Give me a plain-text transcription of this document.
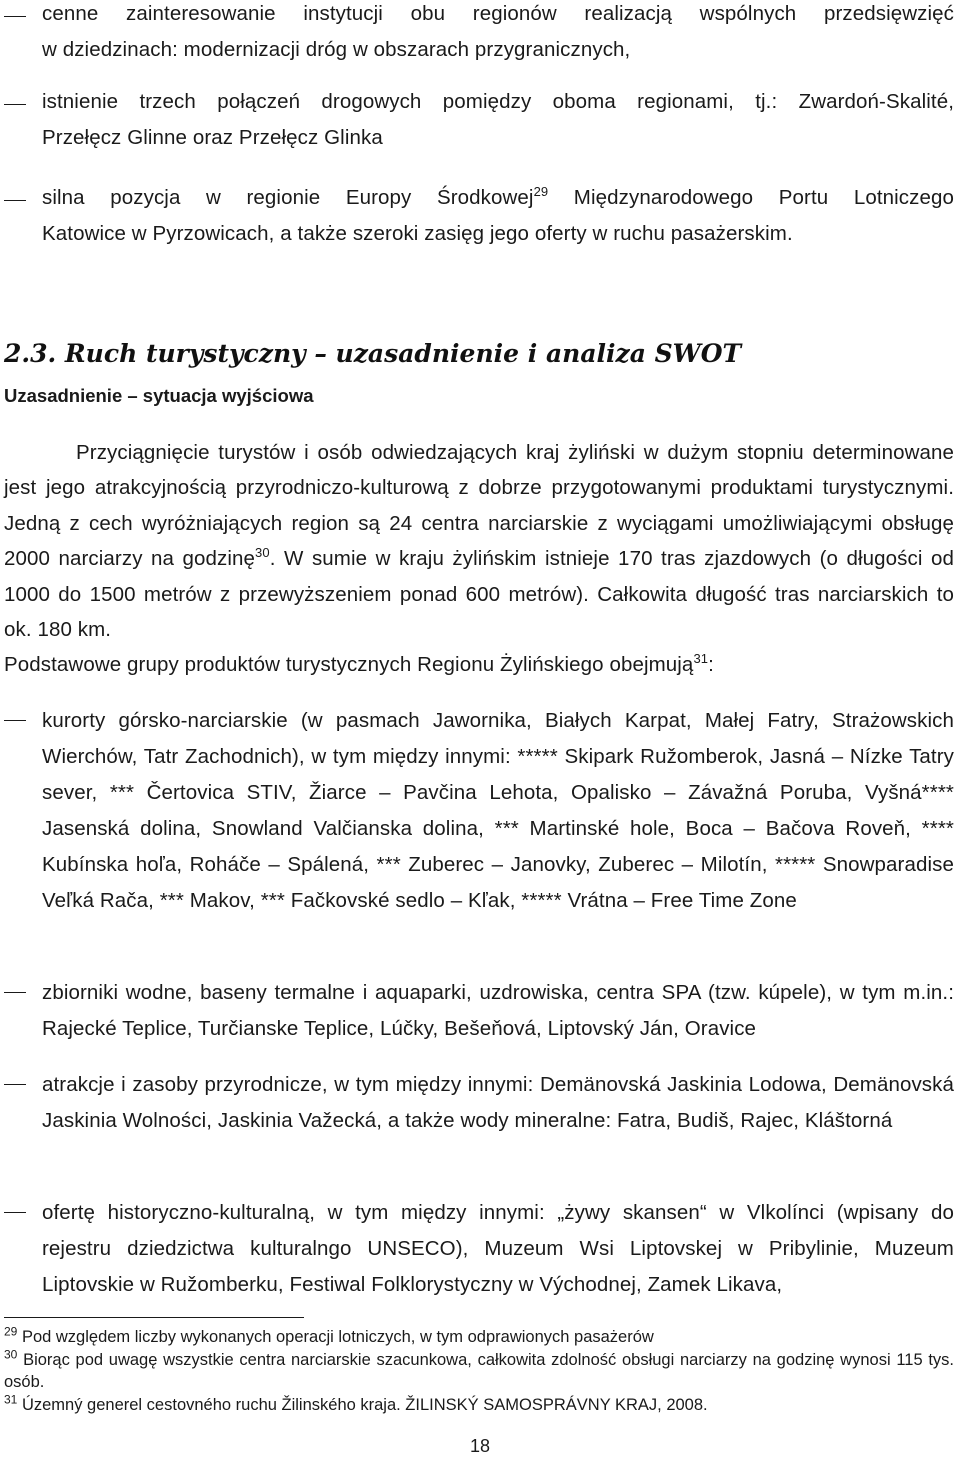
cenne zainteresowanie instytucji obu regionów realizacją wspólnych przedsięwzięć
w dziedzinach: modernizacji dróg w obszarach przygranicznych,
istnienie trzech połączeń drogowych pomiędzy oboma regionami, tj.: Zwardoń-Skalité,
Przełęcz Glinne oraz Przełęcz Glinka
silna pozycja w regionie Europy Środkowej$^{29}$ Międzynarodowego Portu Lotniczego
Katowice w Pyrzowicach, a także szeroki zasięg jego oferty w ruchu pasażerskim.
2.3. Ruch turystyczny – uzasadnienie i analiza SWOT
Uzasadnienie – sytuacja wyjściowa
Przyciągnięcie turystów i osób odwiedzających kraj żyliński w dużym stopniu determinowane jest jego atrakcyjnością przyrodniczo-kulturową z dobrze przygotowanymi produktami turystycznymi. Jedną z cech wyróżniających region są 24 centra narciarskie z wyciągami umożliwiającymi obsługę 2000 narciarzy na godzinę$^{30}$. W sumie w kraju żylińskim istnieje 170 tras zjazdowych (o długości od 1000 do 1500 metrów z przewyższeniem ponad 600 metrów). Całkowita długość tras narciarskich to ok. 180 km.
Podstawowe grupy produktów turystycznych Regionu Żylińskiego obejmują$^{31}$:
kurorty górsko-narciarskie (w pasmach Jawornika, Białych Karpat, Małej Fatry, Strażowskich Wierchów, Tatr Zachodnich), w tym między innymi: ***** Skipark Ružomberok, Jasná – Nízke Tatry sever, *** Čertovica STIV, Žiarce – Pavčina Lehota, Opalisko – Závažná Poruba, Vyšná**** Jasenská dolina, Snowland Valčianska dolina, *** Martinské hole, Boca – Bačova Roveň, **** Kubínska hoľa, Roháče – Spálená, *** Zuberec – Janovky, Zuberec – Milotín, ***** Snowparadise Veľká Rača, *** Makov, *** Fačkovské sedlo – Kľak, ***** Vrátna – Free Time Zone
zbiorniki wodne, baseny termalne i aquaparki, uzdrowiska, centra SPA (tzw. kúpele), w tym m.in.: Rajecké Teplice, Turčianske Teplice, Lúčky, Bešeňová, Liptovský Ján, Oravice
atrakcje i zasoby przyrodnicze, w tym między innymi: Demänovská Jaskinia Lodowa, Demänovská Jaskinia Wolności, Jaskinia Važecká, a także wody mineralne: Fatra, Budiš, Rajec, Kláštorná
ofertę historyczno-kulturalną, w tym między innymi: „żywy skansen“ w Vlkolínci (wpisany do rejestru dziedzictwa kulturalngo UNSECO), Muzeum Wsi Liptovskej w Pribylinie, Muzeum Liptovskie w Ružomberku, Festiwal Folklorystyczny w Východnej, Zamek Likava,
$^{29}$ Pod względem liczby wykonanych operacji lotniczych, w tym odprawionych pasażerów
$^{30}$ Biorąc pod uwagę wszystkie centra narciarskie szacunkowa, całkowita zdolność obsługi narciarzy na godzinę wynosi 115 tys. osób.
$^{31}$ Územný generel cestovného ruchu Žilinského kraja. ŽILINSKÝ SAMOSPRÁVNY KRAJ, 2008.
18
